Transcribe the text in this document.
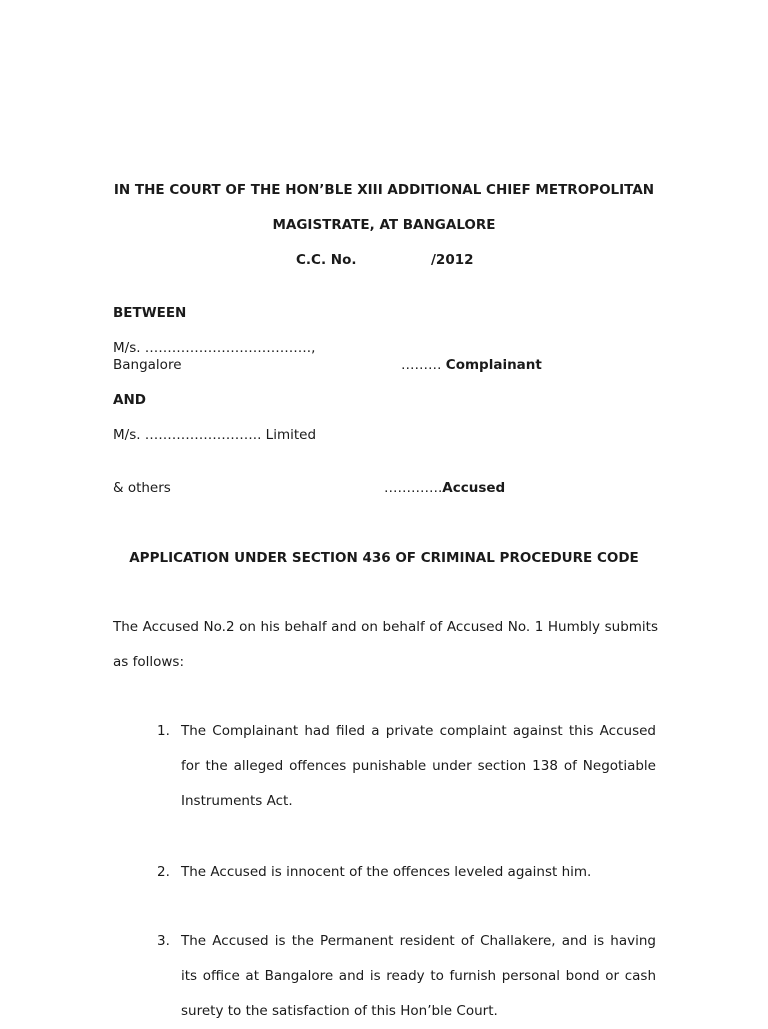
IN THE COURT OF THE HON’BLE XIII ADDITIONAL CHIEF METROPOLITAN
MAGISTRATE, AT BANGALORE
C.C. No.	/2012
BETWEEN
M/s. ……………………………….,
Bangalore	……… Complainant
AND
M/s. …………………….. Limited
& others	………….Accused
APPLICATION UNDER SECTION 436 OF CRIMINAL PROCEDURE CODE
The Accused No.2 on his behalf and on behalf of Accused No. 1 Humbly submits as follows:
1. The Complainant had filed a private complaint against this Accused for the alleged offences punishable under section 138 of Negotiable Instruments Act.
2. The Accused is innocent of the offences leveled against him.
3. The Accused is the Permanent resident of Challakere, and is having its office at Bangalore and is ready to furnish personal bond or cash surety to the satisfaction of this Hon’ble Court.
